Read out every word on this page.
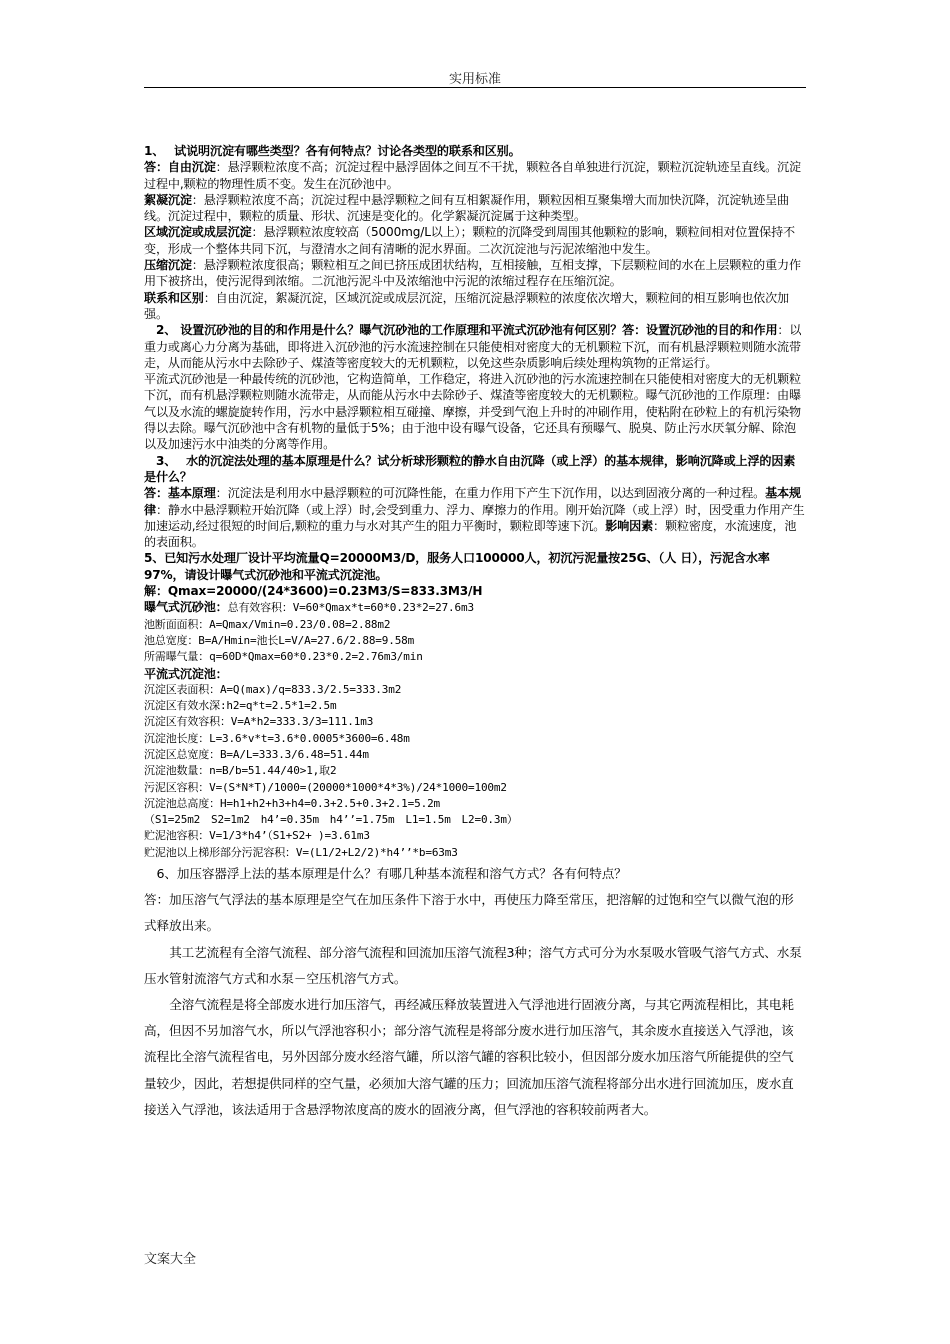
实用标准

1、　 试说明沉淀有哪些类型？各有何特点？讨论各类型的联系和区别。

答：自由沉淀：悬浮颗粒浓度不高；沉淀过程中悬浮固体之间互不干扰，颗粒各自单独进行沉淀，颗粒沉淀轨迹呈直线。沉淀过程中,颗粒的物理性质不变。发生在沉砂池中。

絮凝沉淀：悬浮颗粒浓度不高；沉淀过程中悬浮颗粒之间有互相絮凝作用，颗粒因相互聚集增大而加快沉降，沉淀轨迹呈曲线。沉淀过程中，颗粒的质量、形状、沉速是变化的。化学絮凝沉淀属于这种类型。

区域沉淀或成层沉淀：悬浮颗粒浓度较高（5000mg/L以上）；颗粒的沉降受到周围其他颗粒的影响，颗粒间相对位置保持不变，形成一个整体共同下沉，与澄清水之间有清晰的泥水界面。二次沉淀池与污泥浓缩池中发生。

压缩沉淀：悬浮颗粒浓度很高；颗粒相互之间已挤压成团状结构，互相接触，互相支撑，下层颗粒间的水在上层颗粒的重力作用下被挤出，使污泥得到浓缩。二沉池污泥斗中及浓缩池中污泥的浓缩过程存在压缩沉淀。

联系和区别：自由沉淀，絮凝沉淀，区域沉淀或成层沉淀，压缩沉淀悬浮颗粒的浓度依次增大，颗粒间的相互影响也依次加强。

　2、 设置沉砂池的目的和作用是什么？曝气沉砂池的工作原理和平流式沉砂池有何区别？答：设置沉砂池的目的和作用：以重力或离心力分离为基础，即将进入沉砂池的污水流速控制在只能使相对密度大的无机颗粒下沉，而有机悬浮颗粒则随水流带走，从而能从污水中去除砂子、煤渣等密度较大的无机颗粒，以免这些杂质影响后续处理构筑物的正常运行。

平流式沉砂池是一种最传统的沉砂池，它构造简单，工作稳定，将进入沉砂池的污水流速控制在只能使相对密度大的无机颗粒下沉，而有机悬浮颗粒则随水流带走，从而能从污水中去除砂子、煤渣等密度较大的无机颗粒。曝气沉砂池的工作原理：由曝气以及水流的螺旋旋转作用，污水中悬浮颗粒相互碰撞、摩擦，并受到气泡上升时的冲刷作用，使粘附在砂粒上的有机污染物得以去除。曝气沉砂池中含有机物的量低于5%；由于池中设有曝气设备，它还具有预曝气、脱臭、防止污水厌氧分解、除泡以及加速污水中油类的分离等作用。

　3、　 水的沉淀法处理的基本原理是什么？试分析球形颗粒的静水自由沉降（或上浮）的基本规律，影响沉降或上浮的因素是什么？

答：基本原理：沉淀法是利用水中悬浮颗粒的可沉降性能，在重力作用下产生下沉作用，以达到固液分离的一种过程。基本规律：静水中悬浮颗粒开始沉降（或上浮）时,会受到重力、浮力、摩擦力的作用。刚开始沉降（或上浮）时，因受重力作用产生加速运动,经过很短的时间后,颗粒的重力与水对其产生的阻力平衡时，颗粒即等速下沉。影响因素：颗粒密度，水流速度，池的表面积。

5、已知污水处理厂设计平均流量Q=20000M3/D，服务人口100000人，初沉污泥量按25G、（人 日），污泥含水率97%，请设计曝气式沉砂池和平流式沉淀池。

解：Qmax=20000/(24*3600)=0.23M3/S=833.3M3/H

曝气式沉砂池：总有效容积：V=60*Qmax*t=60*0.23*2=27.6m3

池断面面积：A=Qmax/Vmin=0.23/0.08=2.88m2

池总宽度：B=A/Hmin=池长L=V/A=27.6/2.88=9.58m

所需曝气量：q=60D*Qmax=60*0.23*0.2=2.76m3/min

平流式沉淀池：

沉淀区表面积：A=Q(max)/q=833.3/2.5=333.3m2

沉淀区有效水深:h2=q*t=2.5*1=2.5m

沉淀区有效容积：V=A*h2=333.3/3=111.1m3

沉淀池长度：L=3.6*v*t=3.6*0.0005*3600=6.48m

沉淀区总宽度：B=A/L=333.3/6.48=51.44m

沉淀池数量：n=B/b=51.44/40>1,取2

污泥区容积：V=(S*N*T)/1000=(20000*1000*4*3%)/24*1000=100m2

沉淀池总高度：H=h1+h2+h3+h4=0.3+2.5+0.3+2.1=5.2m

（S1=25m2　S2=1m2　h4’=0.35m　h4’’=1.75m　L1=1.5m　L2=0.3m）

贮泥池容积：V=1/3*h4’（S1+S2+ )=3.61m3

贮泥池以上梯形部分污泥容积：V=(L1/2+L2/2)*h4’’*b=63m3

　6、加压容器浮上法的基本原理是什么？有哪几种基本流程和溶气方式？各有何特点？

答：加压溶气气浮法的基本原理是空气在加压条件下溶于水中，再使压力降至常压，把溶解的过饱和空气以微气泡的形式释放出来。

其工艺流程有全溶气流程、部分溶气流程和回流加压溶气流程3种；溶气方式可分为水泵吸水管吸气溶气方式、水泵压水管射流溶气方式和水泵－空压机溶气方式。

全溶气流程是将全部废水进行加压溶气，再经减压释放装置进入气浮池进行固液分离，与其它两流程相比，其电耗高，但因不另加溶气水，所以气浮池容积小；部分溶气流程是将部分废水进行加压溶气，其余废水直接送入气浮池，该流程比全溶气流程省电，另外因部分废水经溶气罐，所以溶气罐的容积比较小，但因部分废水加压溶气所能提供的空气量较少，因此，若想提供同样的空气量，必须加大溶气罐的压力；回流加压溶气流程将部分出水进行回流加压，废水直接送入气浮池，该法适用于含悬浮物浓度高的废水的固液分离，但气浮池的容积较前两者大。

文案大全
